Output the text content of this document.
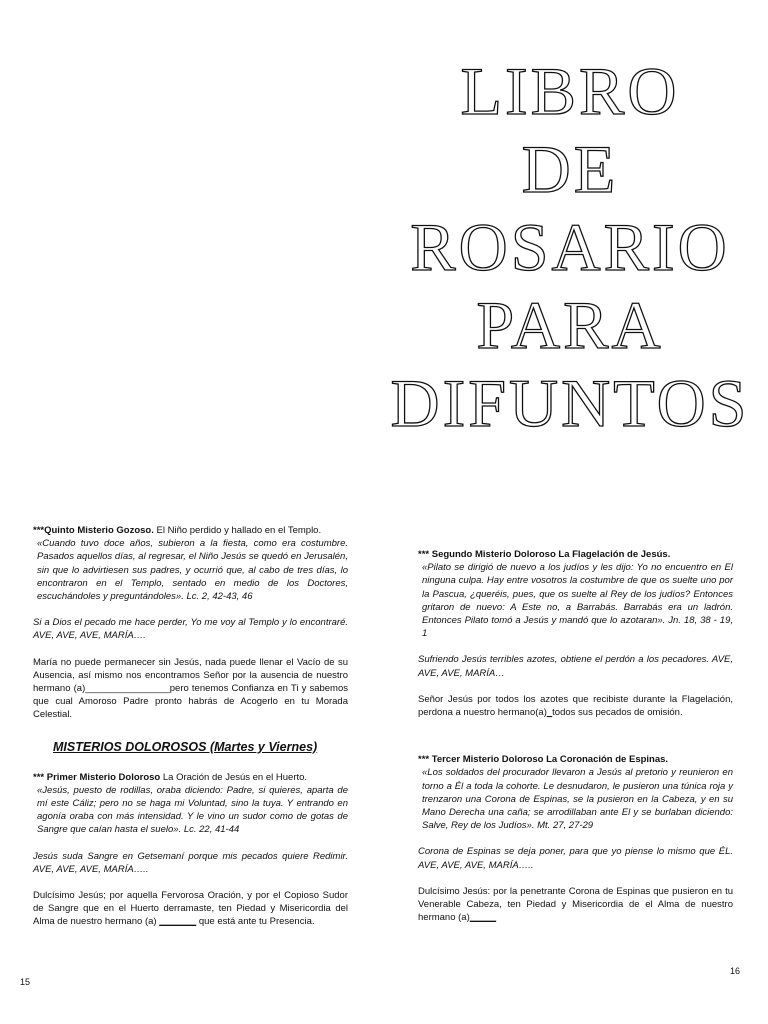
LIBRO
DE
ROSARIO
PARA
DIFUNTOS

***Quinto Misterio Gozoso. El Niño perdido y hallado en el Templo.

«Cuando tuvo doce años, subieron a la fiesta, como era costumbre. Pasados aquellos días, al regresar, el Niño Jesús se quedó en Jerusalén, sin que lo advirtiesen sus padres, y ocurrió que, al cabo de tres días, lo encontraron en el Templo, sentado en medio de los Doctores, escuchándoles y preguntándoles». Lc. 2, 42-43, 46

Si a Dios el pecado me hace perder, Yo me voy al Templo y lo encontraré. AVE, AVE, AVE, MARÍA….

María no puede permanecer sin Jesús, nada puede llenar el Vacío de su Ausencia, así mismo nos encontramos Señor por la ausencia de nuestro hermano (a)________________pero tenemos Confianza en Ti y sabemos que cual Amoroso Padre pronto habrás de Acogerlo en tu Morada Celestial.

MISTERIOS DOLOROSOS (Martes y Viernes)

*** Primer Misterio Doloroso La Oración de Jesús en el Huerto.

«Jesús, puesto de rodillas, oraba diciendo: Padre, si quieres, aparta de mí este Cáliz; pero no se haga mi Voluntad, sino la tuya. Y entrando en agonía oraba con más intensidad. Y le vino un sudor como de gotas de Sangre que caían hasta el suelo». Lc. 22, 41-44

Jesús suda Sangre en Getsemaní porque mis pecados quiere Redimir. AVE, AVE, AVE, MARÍA…..

Dulcísimo Jesús; por aquella Fervorosa Oración, y por el Copioso Sudor de Sangre que en el Huerto derramaste, ten Piedad y Misericordia del Alma de nuestro hermano (a) _______ que está ante tu Presencia.

15

*** Segundo Misterio Doloroso La Flagelación de Jesús.

«Pilato se dirigió de nuevo a los judíos y les dijo: Yo no encuentro en El ninguna culpa. Hay entre vosotros la costumbre de que os suelte uno por la Pascua, ¿queréis, pues, que os suelte al Rey de los judíos? Entonces gritaron de nuevo: A Este no, a Barrabás. Barrabás era un ladrón. Entonces Pilato tomó a Jesús y mandó que lo azotaran». Jn. 18, 38 - 19, 1

Sufriendo Jesús terribles azotes, obtiene el perdón a los pecadores. AVE, AVE, AVE, MARÍA…

Señor Jesús por todos los azotes que recibiste durante la Flagelación, perdona a nuestro hermano(a)_todos sus pecados de omisión.

*** Tercer Misterio Doloroso La Coronación de Espinas.

«Los soldados del procurador llevaron a Jesús al pretorio y reunieron en torno a Él a toda la cohorte. Le desnudaron, le pusieron una túnica roja y trenzaron una Corona de Espinas, se la pusieron en la Cabeza, y en su Mano Derecha una caña; se arrodillaban ante El y se burlaban diciendo: Salve, Rey de los Judíos». Mt. 27, 27-29

Corona de Espinas se deja poner, para que yo piense lo mismo que ÉL. AVE, AVE, AVE, MARÍA…..

Dulcísimo Jesús: por la penetrante Corona de Espinas que pusieron en tu Venerable Cabeza, ten Piedad y Misericordia de el Alma de nuestro hermano (a)_____

16
